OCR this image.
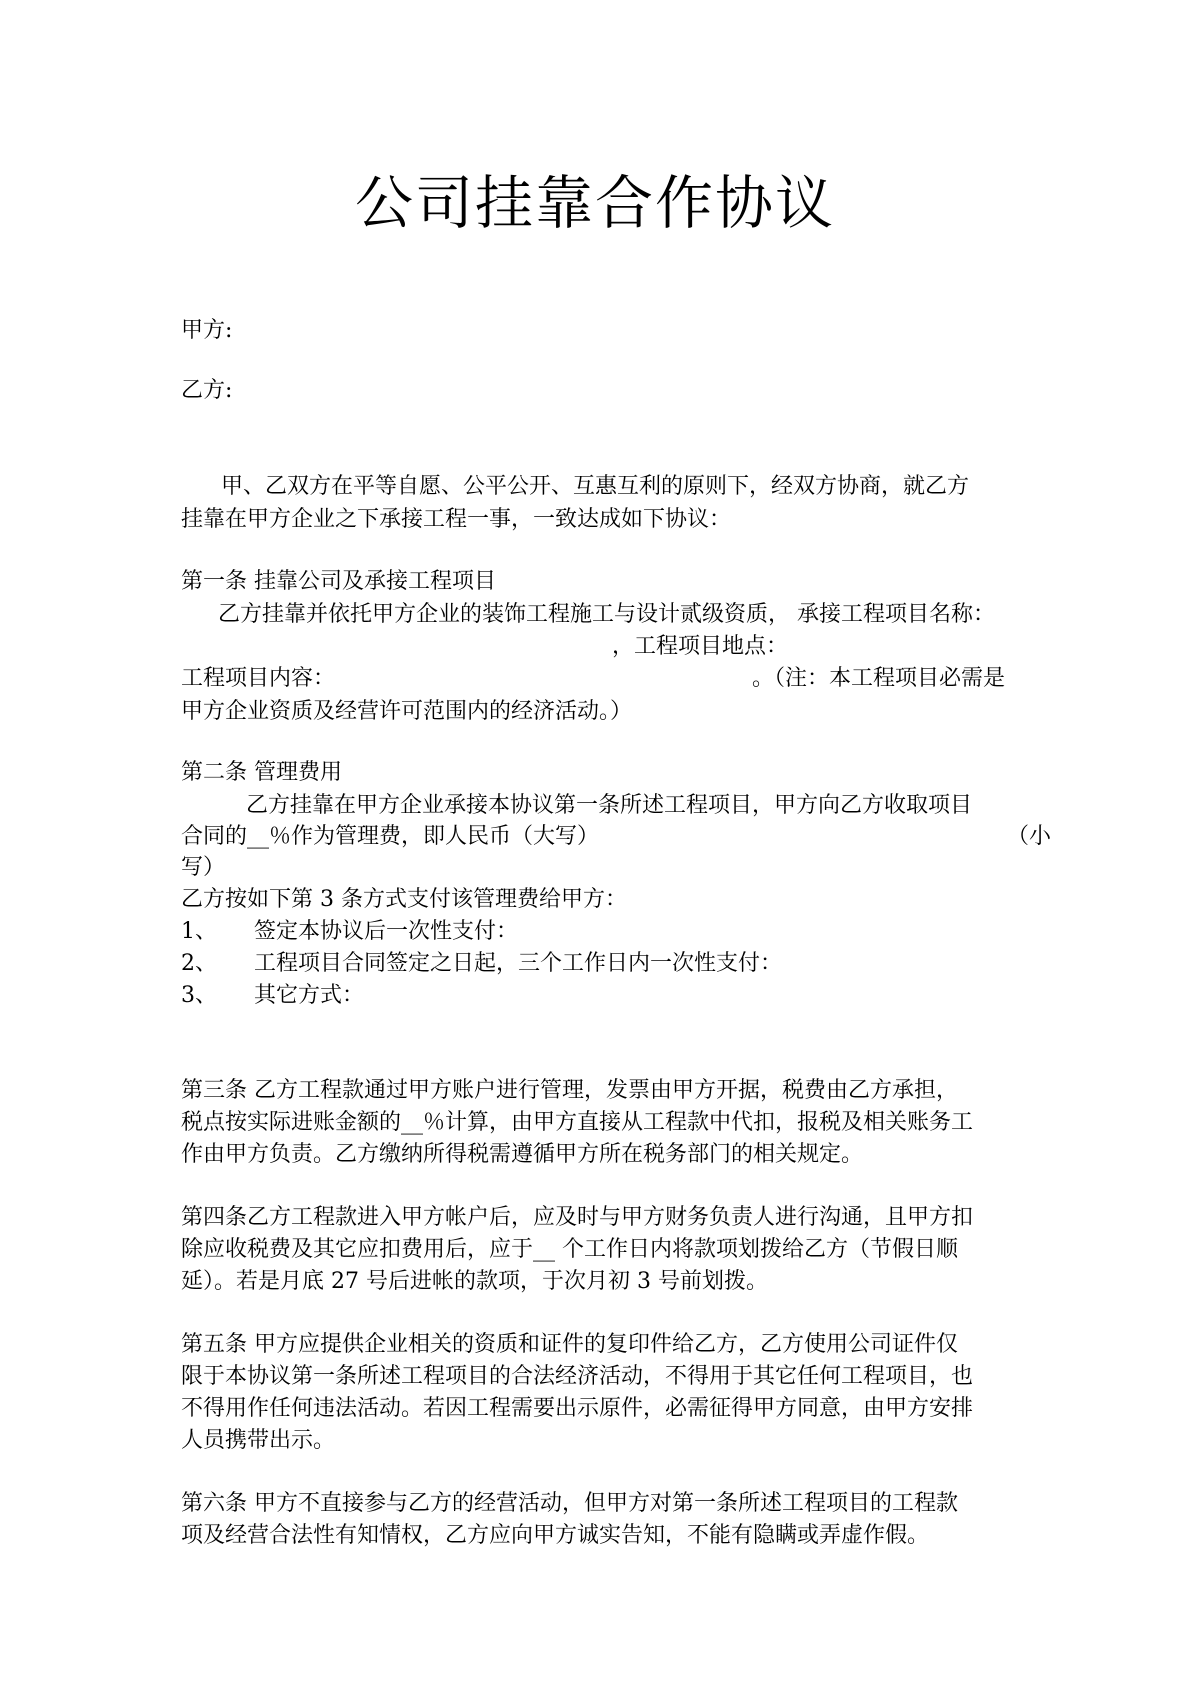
公司挂靠合作协议
甲方:
乙方:
甲、乙双方在平等自愿、公平公开、互惠互利的原则下，经双方协商，就乙方
挂靠在甲方企业之下承接工程一事，一致达成如下协议：
第一条 挂靠公司及承接工程项目
乙方挂靠并依托甲方企业的装饰工程施工与设计贰级资质， 承接工程项目名称：
，工程项目地点：
工程项目内容：	。（注：本工程项目必需是
甲方企业资质及经营许可范围内的经济活动。）
第二条 管理费用
乙方挂靠在甲方企业承接本协议第一条所述工程项目，甲方向乙方收取项目
合同的__％作为管理费，即人民币（大写）	（小
写）
乙方按如下第 3 条方式支付该管理费给甲方：
1、 签定本协议后一次性支付：
2、 工程项目合同签定之日起，三个工作日内一次性支付：
3、 其它方式：
第三条 乙方工程款通过甲方账户进行管理，发票由甲方开据，税费由乙方承担，
税点按实际进账金额的__％计算，由甲方直接从工程款中代扣，报税及相关账务工
作由甲方负责。乙方缴纳所得税需遵循甲方所在税务部门的相关规定。
第四条乙方工程款进入甲方帐户后，应及时与甲方财务负责人进行沟通，且甲方扣
除应收税费及其它应扣费用后，应于__ 个工作日内将款项划拨给乙方（节假日顺
延）。若是月底 27 号后进帐的款项，于次月初 3 号前划拨。
第五条 甲方应提供企业相关的资质和证件的复印件给乙方，乙方使用公司证件仅
限于本协议第一条所述工程项目的合法经济活动，不得用于其它任何工程项目，也
不得用作任何违法活动。若因工程需要出示原件，必需征得甲方同意，由甲方安排
人员携带出示。
第六条 甲方不直接参与乙方的经营活动，但甲方对第一条所述工程项目的工程款
项及经营合法性有知情权，乙方应向甲方诚实告知，不能有隐瞒或弄虚作假。
